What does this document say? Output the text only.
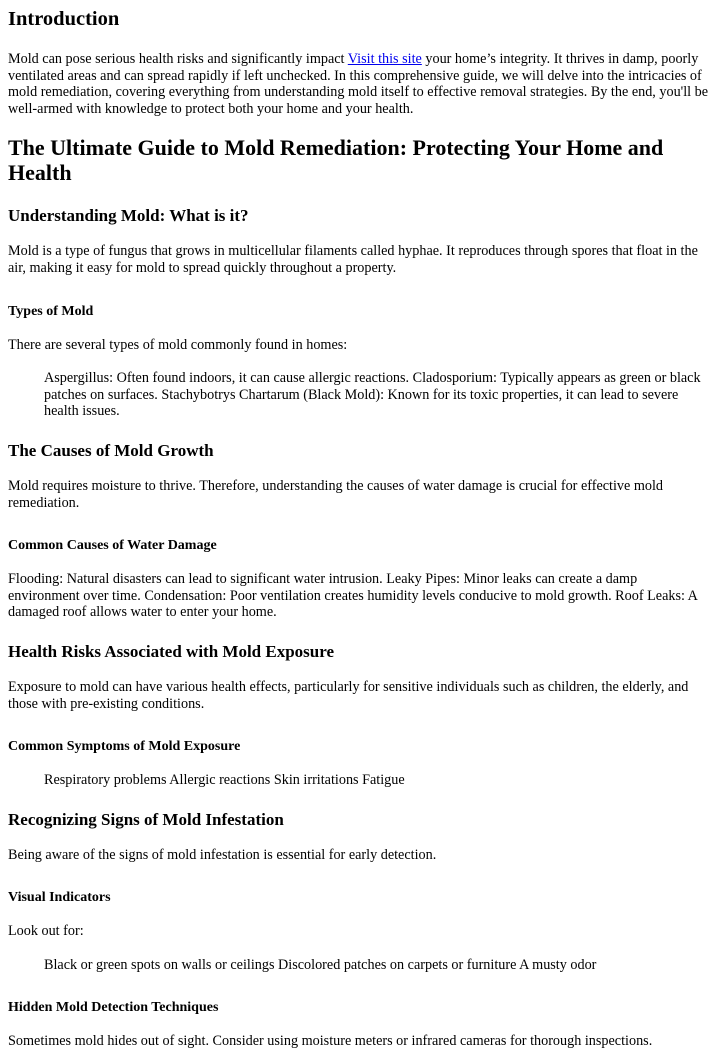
Introduction

Mold can pose serious health risks and significantly impact Visit this site your home’s integrity. It thrives in damp, poorly ventilated areas and can spread rapidly if left unchecked. In this comprehensive guide, we will delve into the intricacies of mold remediation, covering everything from understanding mold itself to effective removal strategies. By the end, you'll be well-armed with knowledge to protect both your home and your health.

The Ultimate Guide to Mold Remediation: Protecting Your Home and Health
Understanding Mold: What is it?

Mold is a type of fungus that grows in multicellular filaments called hyphae. It reproduces through spores that float in the air, making it easy for mold to spread quickly throughout a property.

Types of Mold

There are several types of mold commonly found in homes:

Aspergillus: Often found indoors, it can cause allergic reactions. Cladosporium: Typically appears as green or black patches on surfaces. Stachybotrys Chartarum (Black Mold): Known for its toxic properties, it can lead to severe health issues.
The Causes of Mold Growth

Mold requires moisture to thrive. Therefore, understanding the causes of water damage is crucial for effective mold remediation.

Common Causes of Water Damage

Flooding: Natural disasters can lead to significant water intrusion. Leaky Pipes: Minor leaks can create a damp environment over time. Condensation: Poor ventilation creates humidity levels conducive to mold growth. Roof Leaks: A damaged roof allows water to enter your home.

Health Risks Associated with Mold Exposure

Exposure to mold can have various health effects, particularly for sensitive individuals such as children, the elderly, and those with pre-existing conditions.

Common Symptoms of Mold Exposure
Respiratory problems Allergic reactions Skin irritations Fatigue
Recognizing Signs of Mold Infestation

Being aware of the signs of mold infestation is essential for early detection.

Visual Indicators

Look out for:

Black or green spots on walls or ceilings Discolored patches on carpets or furniture A musty odor
Hidden Mold Detection Techniques

Sometimes mold hides out of sight. Consider using moisture meters or infrared cameras for thorough inspections.
